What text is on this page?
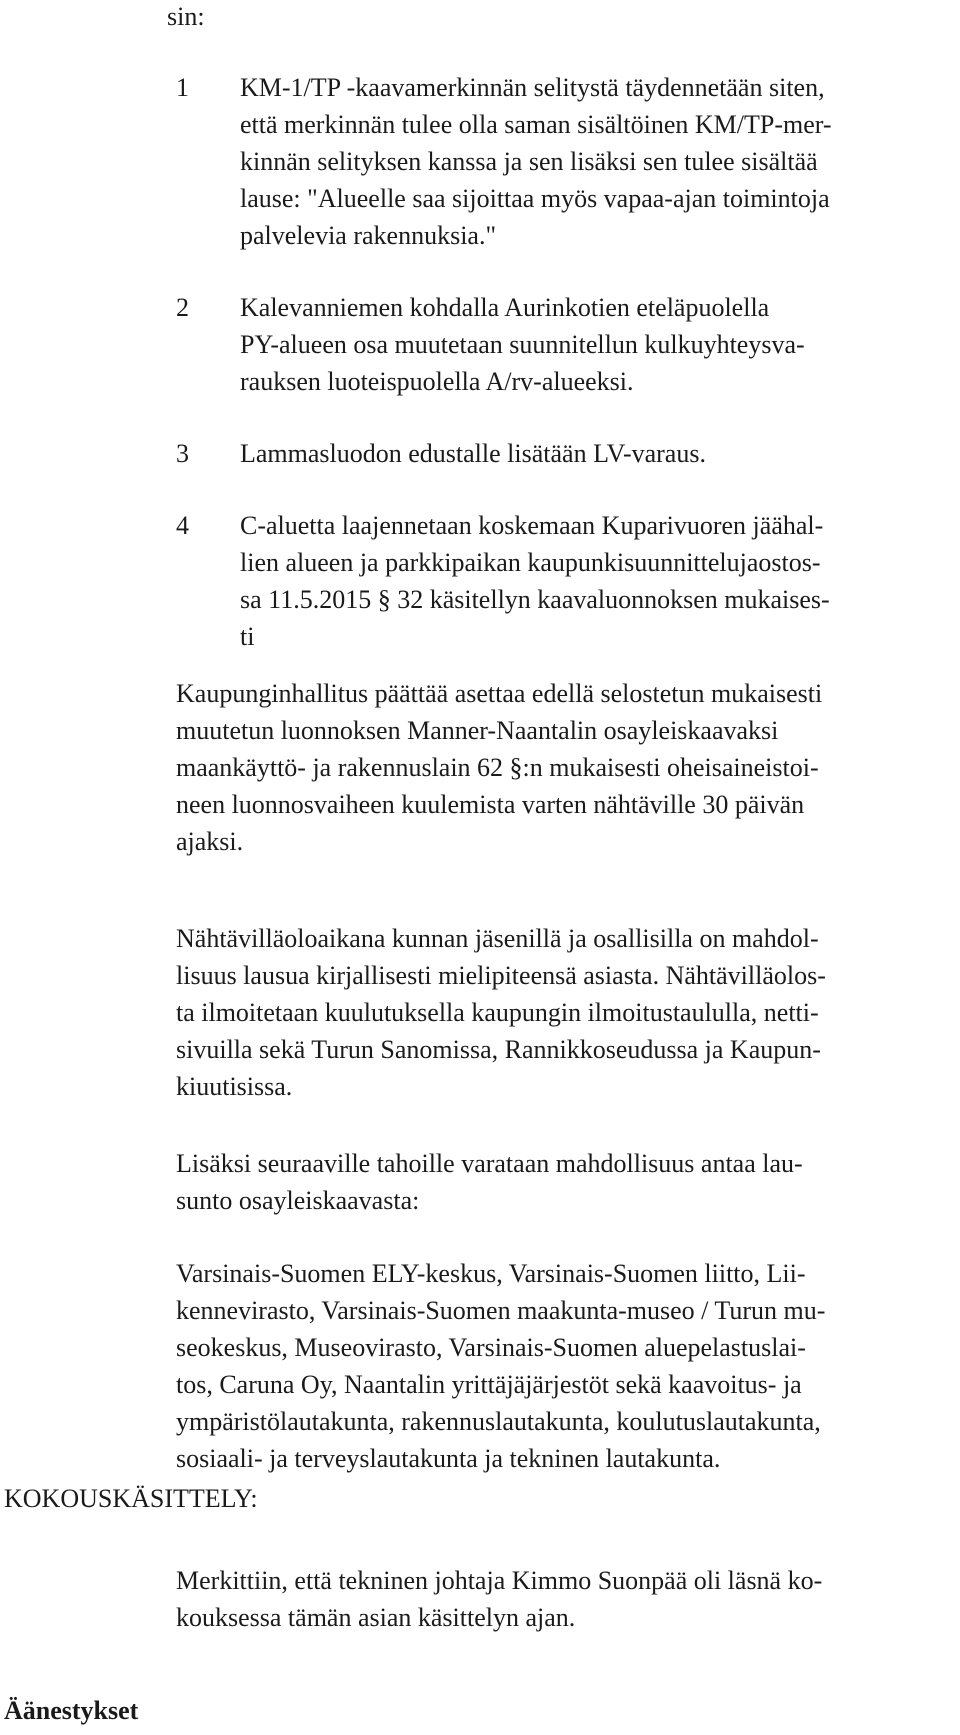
sin:
1	KM-1/TP -kaavamerkinnän selitystä täydennetään siten,
että merkinnän tulee olla saman sisältöinen KM/TP-mer-
kinnän selityksen kanssa ja sen lisäksi sen tulee sisältää
lause: "Alueelle saa sijoittaa myös vapaa-ajan toimintoja
palvelevia rakennuksia."
2	Kalevanniemen kohdalla Aurinkotien eteläpuolella
PY-alueen osa muutetaan suunnitellun kulkuyhteysva-
rauksen luoteispuolella A/rv-alueeksi.
3	Lammasluodon edustalle lisätään LV-varaus.
4	C-aluetta laajennetaan koskemaan Kuparivuoren jäähal-
lien alueen ja parkkipaikan kaupunkisuunnittelujaostos-
sa 11.5.2015 § 32 käsitellyn kaavaluonnoksen mukaises-
ti

Kaupunginhallitus päättää asettaa edellä selostetun mukaisesti
muutetun luonnoksen Manner-Naantalin osayleiskaavaksi
maankäyttö- ja rakennuslain 62 §:n mukaisesti oheisaineistoi-
neen luonnosvaiheen kuulemista varten nähtäville 30 päivän
ajaksi.

Nähtävilläoloaikana kunnan jäsenillä ja osallisilla on mahdol-
lisuus lausua kirjallisesti mielipiteensä asiasta. Nähtävilläolos-
ta ilmoitetaan kuulutuksella kaupungin ilmoitustaululla, netti-
sivuilla sekä Turun Sanomissa, Rannikkoseudussa ja Kaupun-
kiuutisissa.

Lisäksi seuraaville tahoille varataan mahdollisuus antaa lau-
sunto osayleiskaavasta:

Varsinais-Suomen ELY-keskus, Varsinais-Suomen liitto, Lii-
kennevirasto, Varsinais-Suomen maakunta-museo / Turun mu-
seokeskus, Museovirasto, Varsinais-Suomen aluepelastuslai-
tos, Caruna Oy, Naantalin yrittäjäjärjestöt sekä kaavoitus- ja
ympäristölautakunta, rakennuslautakunta, koulutuslautakunta,
sosiaali- ja terveyslautakunta ja tekninen lautakunta.

KOKOUSKÄSITTELY:

Merkittiin, että tekninen johtaja Kimmo Suonpää oli läsnä ko-
kouksessa tämän asian käsittelyn ajan.

Äänestykset
